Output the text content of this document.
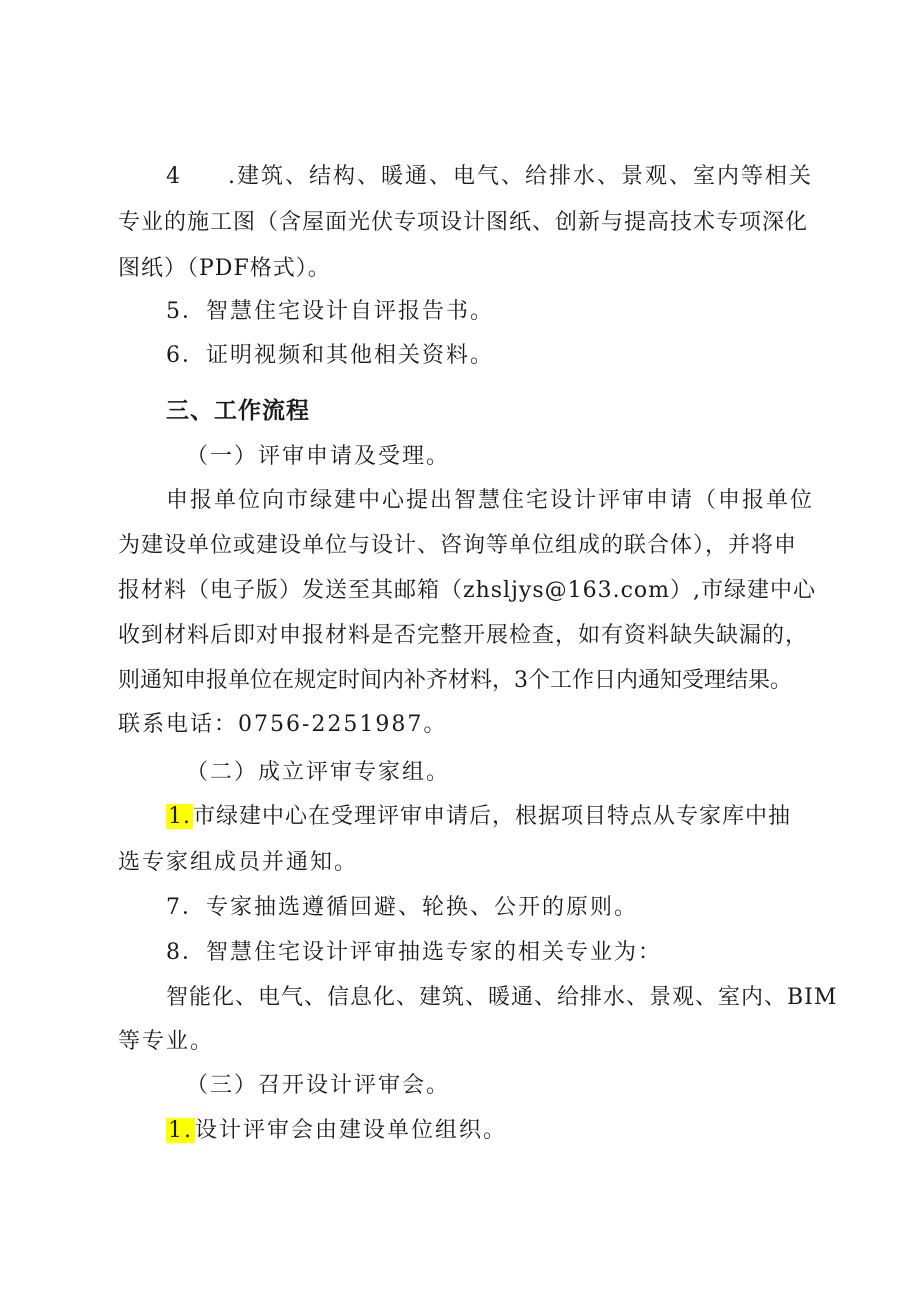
4 .建筑、结构、暖通、电气、给排水、景观、室内等相关
专业的施工图（含屋面光伏专项设计图纸、创新与提高技术专项深化
图纸）（PDF格式）。
5．智慧住宅设计自评报告书。
6．证明视频和其他相关资料。
三、工作流程
（一）评审申请及受理。
申报单位向市绿建中心提出智慧住宅设计评审申请（申报单位
为建设单位或建设单位与设计、咨询等单位组成的联合体），并将申
报材料（电子版）发送至其邮箱（zhsljys@163.com）,市绿建中心
收到材料后即对申报材料是否完整开展检查，如有资料缺失缺漏的，
则通知申报单位在规定时间内补齐材料，3个工作日内通知受理结果。
联系电话：0756-2251987。
（二）成立评审专家组。
1.市绿建中心在受理评审申请后，根据项目特点从专家库中抽
选专家组成员并通知。
7．专家抽选遵循回避、轮换、公开的原则。
8．智慧住宅设计评审抽选专家的相关专业为：
智能化、电气、信息化、建筑、暖通、给排水、景观、室内、BIM
等专业。
（三）召开设计评审会。
1.设计评审会由建设单位组织。
